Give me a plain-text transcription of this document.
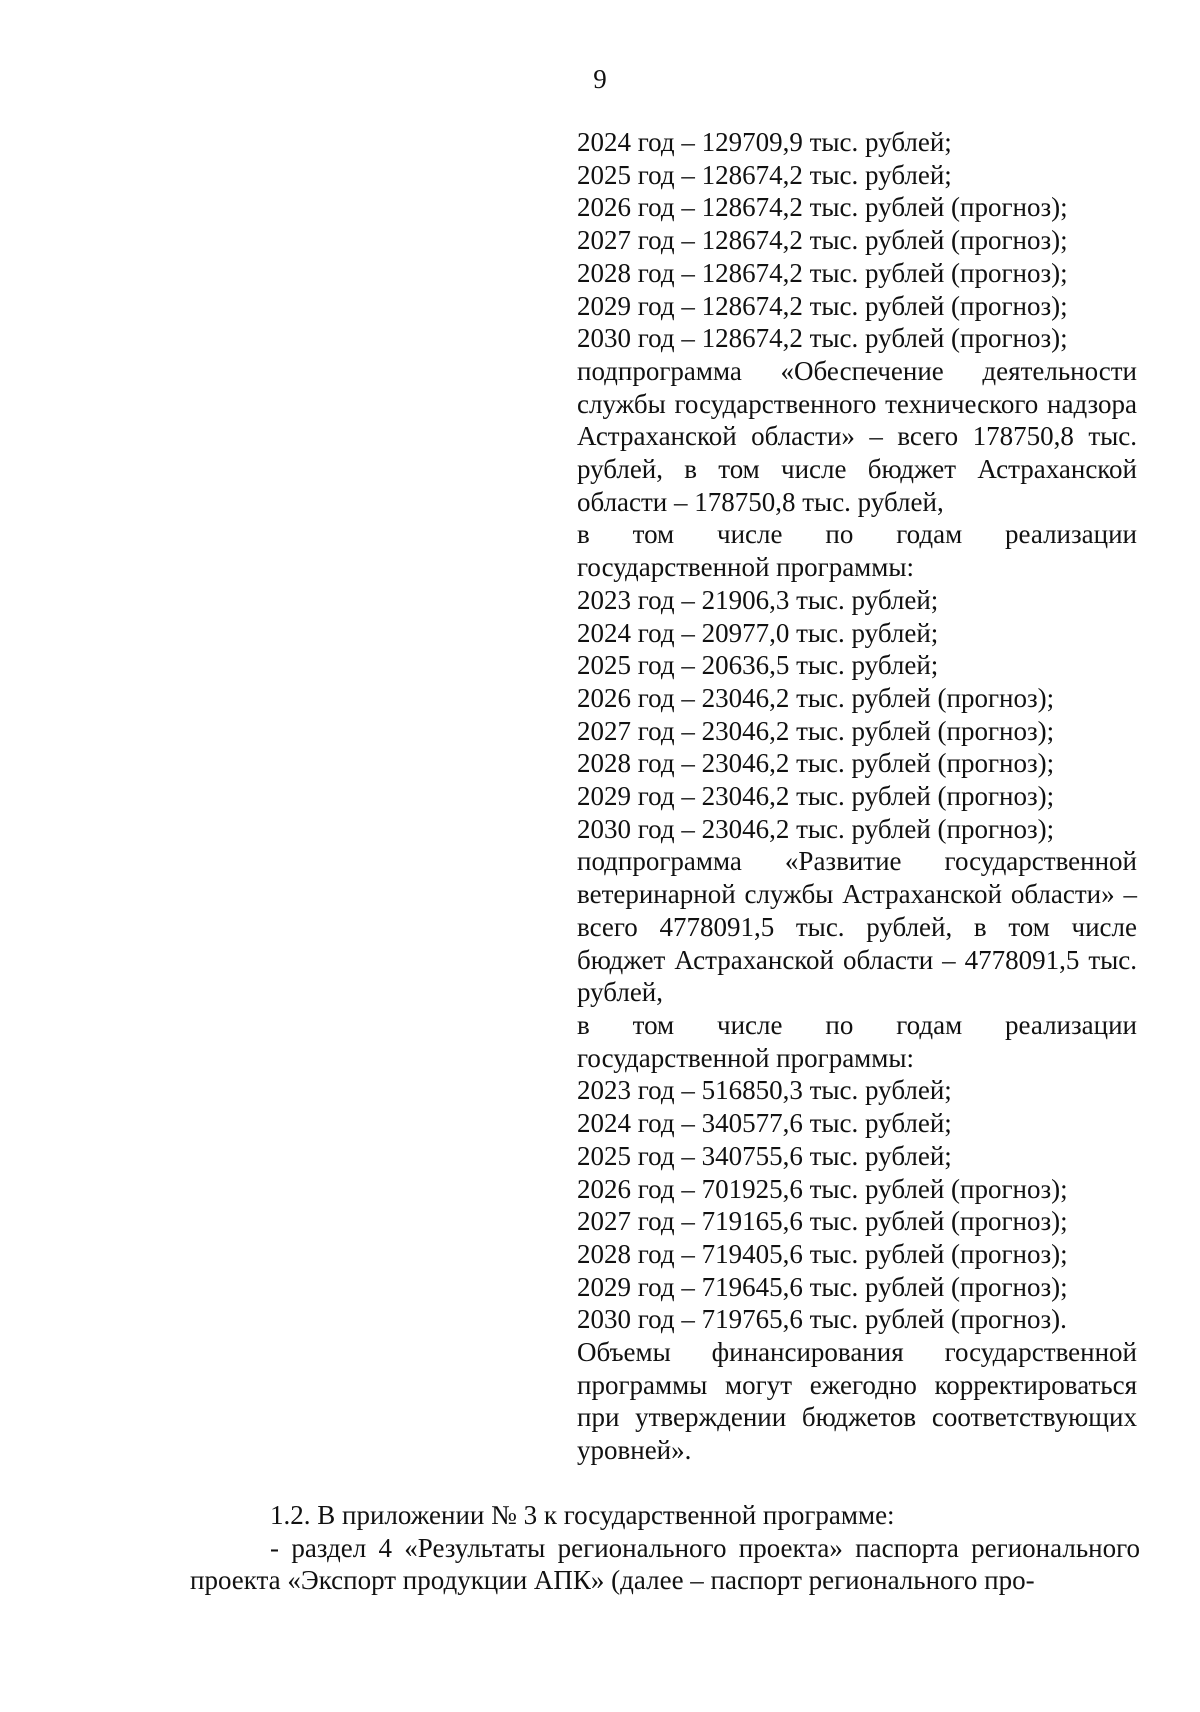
9
2024 год – 129709,9 тыс. рублей;
2025 год – 128674,2 тыс. рублей;
2026 год – 128674,2 тыс. рублей (прогноз);
2027 год – 128674,2 тыс. рублей (прогноз);
2028 год – 128674,2 тыс. рублей (прогноз);
2029 год – 128674,2 тыс. рублей (прогноз);
2030 год – 128674,2 тыс. рублей (прогноз);
подпрограмма «Обеспечение деятельности службы государственного технического надзора Астраханской области» – всего 178750,8 тыс. рублей, в том числе бюджет Астраханской области – 178750,8 тыс. рублей,
в том числе по годам реализации государственной программы:
2023 год – 21906,3 тыс. рублей;
2024 год – 20977,0 тыс. рублей;
2025 год – 20636,5 тыс. рублей;
2026 год – 23046,2 тыс. рублей (прогноз);
2027 год – 23046,2 тыс. рублей (прогноз);
2028 год – 23046,2 тыс. рублей (прогноз);
2029 год – 23046,2 тыс. рублей (прогноз);
2030 год – 23046,2 тыс. рублей (прогноз);
подпрограмма «Развитие государственной ветеринарной службы Астраханской области» – всего 4778091,5 тыс. рублей, в том числе бюджет Астраханской области – 4778091,5 тыс. рублей,
в том числе по годам реализации государственной программы:
2023 год – 516850,3 тыс. рублей;
2024 год – 340577,6 тыс. рублей;
2025 год – 340755,6 тыс. рублей;
2026 год – 701925,6 тыс. рублей (прогноз);
2027 год – 719165,6 тыс. рублей (прогноз);
2028 год – 719405,6 тыс. рублей (прогноз);
2029 год – 719645,6 тыс. рублей (прогноз);
2030 год – 719765,6 тыс. рублей (прогноз).
Объемы финансирования государственной программы могут ежегодно корректироваться при утверждении бюджетов соответствующих уровней».
1.2. В приложении № 3 к государственной программе:
- раздел 4 «Результаты регионального проекта» паспорта регионального проекта «Экспорт продукции АПК» (далее – паспорт регионального про-
